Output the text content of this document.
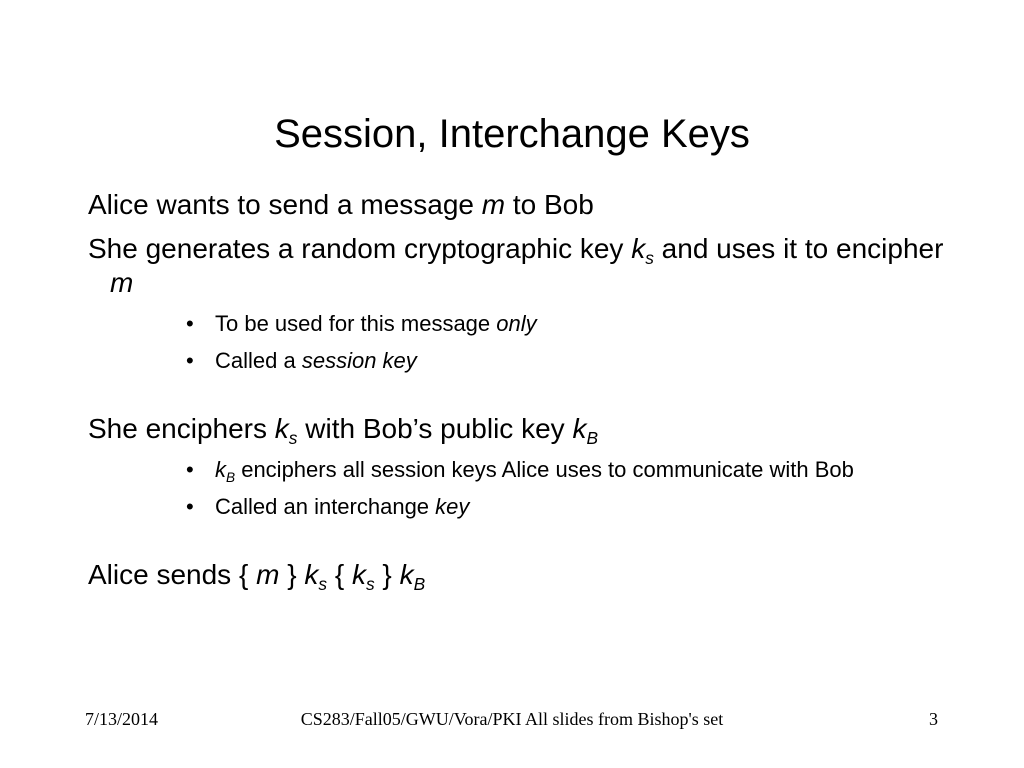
Session, Interchange Keys
Alice wants to send a message m to Bob
She generates a random cryptographic key $k_s$ and uses it to encipher m
• To be used for this message only
• Called a session key
She enciphers $k_s$ with Bob’s public key $k_B$
• $k_B$ enciphers all session keys Alice uses to communicate with Bob
• Called an interchange key
Alice sends { m } $k_s$ { $k_s$ } $k_B$
7/13/2014	CS283/Fall05/GWU/Vora/PKI All slides from Bishop's set	3
